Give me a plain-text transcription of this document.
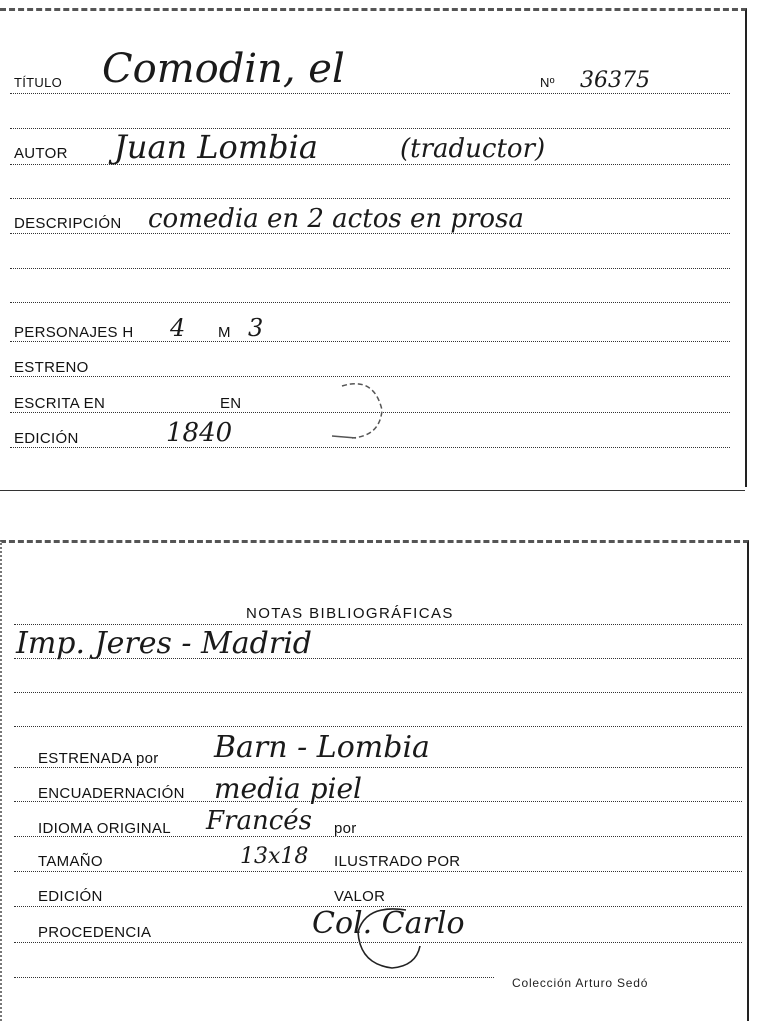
TÍTULO Comodin, el	Nº 36375
AUTOR Juan Lombia	(traductor)
DESCRIPCIÓN comedia en 2 actos en prosa
PERSONAJES H 4 M 3
ESTRENO
ESCRITA EN	EN
EDICIÓN	1840
NOTAS BIBLIOGRÁFICAS
Imp. Jeres - Madrid
ESTRENADA por Barn - Lombia
ENCUADERNACIÓN media piel
IDIOMA ORIGINAL Francés por
TAMAÑO	13x18 ILUSTRADO POR
EDICIÓN	VALOR
PROCEDENCIA	Col. Carlo
Colección Arturo Sedó
